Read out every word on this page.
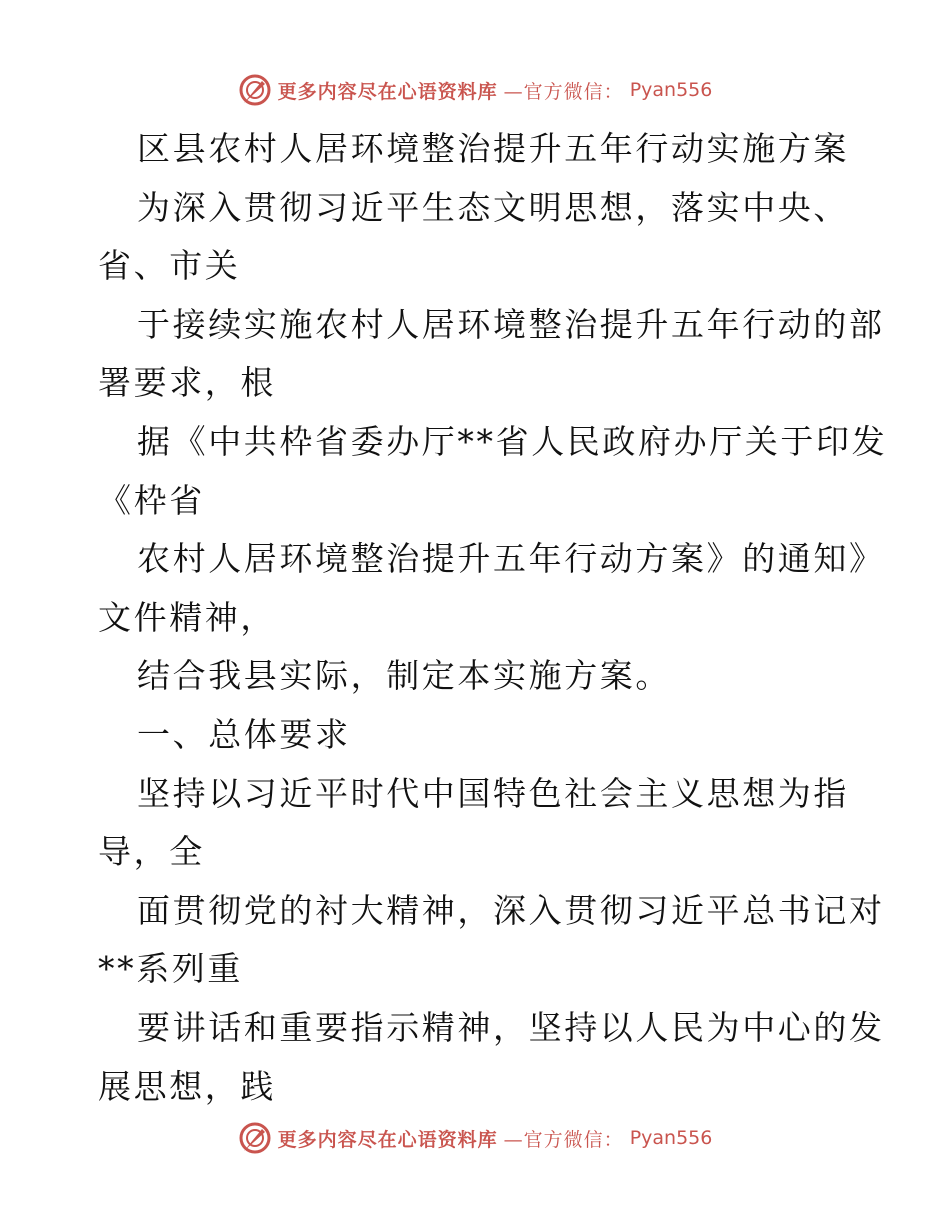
更多内容尽在心语资料库 —官方微信： Pyan556
区县农村人居环境整治提升五年行动实施方案
为深入贯彻习近平生态文明思想，落实中央、
省、市关
于接续实施农村人居环境整治提升五年行动的部
署要求，根
据《中共枠省委办厅**省人民政府办厅关于印发
《枠省
农村人居环境整治提升五年行动方案》的通知》
文件精神，
结合我县实际，制定本实施方案。
一、总体要求
坚持以习近平时代中国特色社会主义思想为指
导，全
面贯彻党的衬大精神，深入贯彻习近平总书记对
**系列重
要讲话和重要指示精神，坚持以人民为中心的发
展思想，践
更多内容尽在心语资料库 —官方微信： Pyan556
